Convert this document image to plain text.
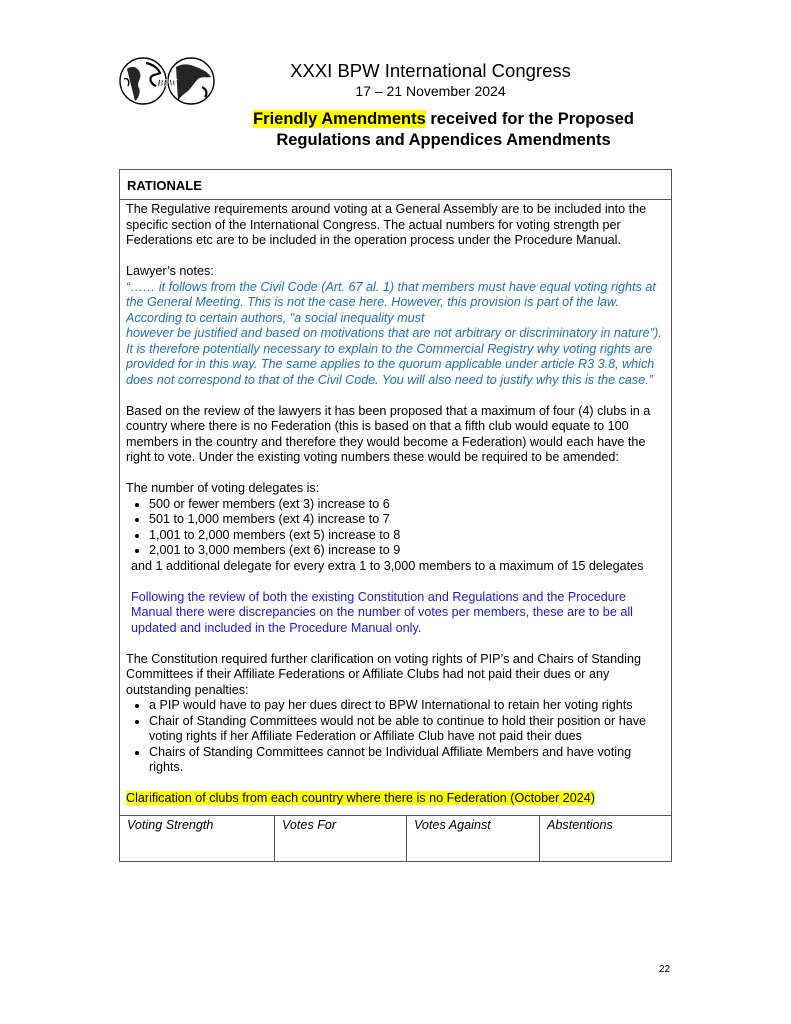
BPW
XXXI BPW International Congress
17 – 21 November 2024
Friendly Amendments received for the Proposed
Regulations and Appendices Amendments
RATIONALE

The Regulative requirements around voting at a General Assembly are to be included into the specific section of the International Congress. The actual numbers for voting strength per Federations etc are to be included in the operation process under the Procedure Manual.

Lawyer’s notes:

“…… it follows from the Civil Code (Art. 67 al. 1) that members must have equal voting rights at the General Meeting. This is not the case here. However, this provision is part of the law. According to certain authors, "a social inequality must

however be justified and based on motivations that are not arbitrary or discriminatory in nature"). It is therefore potentially necessary to explain to the Commercial Registry why voting rights are provided for in this way. The same applies to the quorum applicable under article R3 3.8, which does not correspond to that of the Civil Code. You will also need to justify why this is the case.”

Based on the review of the lawyers it has been proposed that a maximum of four (4) clubs in a country where there is no Federation (this is based on that a fifth club would equate to 100 members in the country and therefore they would become a Federation) would each have the right to vote. Under the existing voting numbers these would be required to be amended:

The number of voting delegates is:

• 500 or fewer members (ext 3) increase to 6
• 501 to 1,000 members (ext 4) increase to 7
• 1,001 to 2,000 members (ext 5) increase to 8
• 2,001 to 3,000 members (ext 6) increase to 9

and 1 additional delegate for every extra 1 to 3,000 members to a maximum of 15 delegates

Following the review of both the existing Constitution and Regulations and the Procedure Manual there were discrepancies on the number of votes per members, these are to be all updated and included in the Procedure Manual only.

The Constitution required further clarification on voting rights of PIP’s and Chairs of Standing Committees if their Affiliate Federations or Affiliate Clubs had not paid their dues or any outstanding penalties:

• a PIP would have to pay her dues direct to BPW International to retain her voting rights
• Chair of Standing Committees would not be able to continue to hold their position or have voting rights if her Affiliate Federation or Affiliate Club have not paid their dues
• Chairs of Standing Committees cannot be Individual Affiliate Members and have voting rights.

Clarification of clubs from each country where there is no Federation (October 2024)

Voting Strength	Votes For	Votes Against	Abstentions
22
